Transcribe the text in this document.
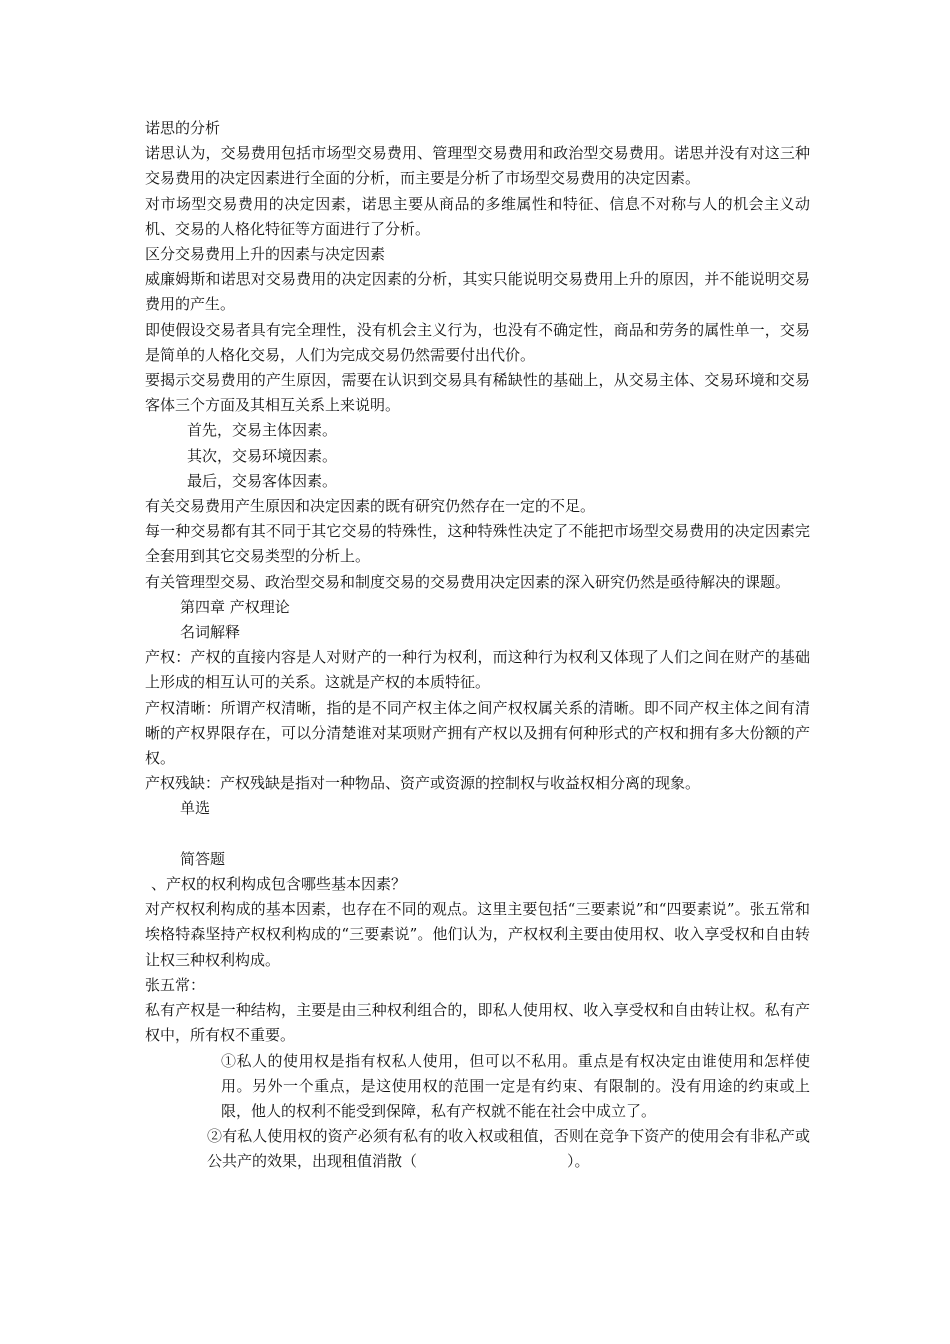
诺思的分析

诺思认为，交易费用包括市场型交易费用、管理型交易费用和政治型交易费用。诺思并没有对这三种交易费用的决定因素进行全面的分析，而主要是分析了市场型交易费用的决定因素。

对市场型交易费用的决定因素，诺思主要从商品的多维属性和特征、信息不对称与人的机会主义动机、交易的人格化特征等方面进行了分析。

区分交易费用上升的因素与决定因素

威廉姆斯和诺思对交易费用的决定因素的分析，其实只能说明交易费用上升的原因，并不能说明交易费用的产生。

即使假设交易者具有完全理性，没有机会主义行为，也没有不确定性，商品和劳务的属性单一，交易是简单的人格化交易，人们为完成交易仍然需要付出代价。

要揭示交易费用的产生原因，需要在认识到交易具有稀缺性的基础上，从交易主体、交易环境和交易客体三个方面及其相互关系上来说明。

首先，交易主体因素。

其次，交易环境因素。

最后，交易客体因素。

有关交易费用产生原因和决定因素的既有研究仍然存在一定的不足。

每一种交易都有其不同于其它交易的特殊性，这种特殊性决定了不能把市场型交易费用的决定因素完全套用到其它交易类型的分析上。

有关管理型交易、政治型交易和制度交易的交易费用决定因素的深入研究仍然是亟待解决的课题。

第四章 产权理论

名词解释

产权：产权的直接内容是人对财产的一种行为权利，而这种行为权利又体现了人们之间在财产的基础上形成的相互认可的关系。这就是产权的本质特征。

产权清晰：所谓产权清晰，指的是不同产权主体之间产权权属关系的清晰。即不同产权主体之间有清晰的产权界限存在，可以分清楚谁对某项财产拥有产权以及拥有何种形式的产权和拥有多大份额的产权。

产权残缺：产权残缺是指对一种物品、资产或资源的控制权与收益权相分离的现象。

单选

简答题

、产权的权利构成包含哪些基本因素？

对产权权利构成的基本因素，也存在不同的观点。这里主要包括“三要素说”和“四要素说”。张五常和埃格特森坚持产权权利构成的“三要素说”。他们认为，产权权利主要由使用权、收入享受权和自由转让权三种权利构成。

张五常：

私有产权是一种结构，主要是由三种权利组合的，即私人使用权、收入享受权和自由转让权。私有产权中，所有权不重要。

①私人的使用权是指有权私人使用，但可以不私用。重点是有权决定由谁使用和怎样使用。另外一个重点，是这使用权的范围一定是有约束、有限制的。没有用途的约束或上限，他人的权利不能受到保障，私有产权就不能在社会中成立了。

②有私人使用权的资产必须有私有的收入权或租值，否则在竞争下资产的使用会有非私产或公共产的效果，出现租值消散（	）。
